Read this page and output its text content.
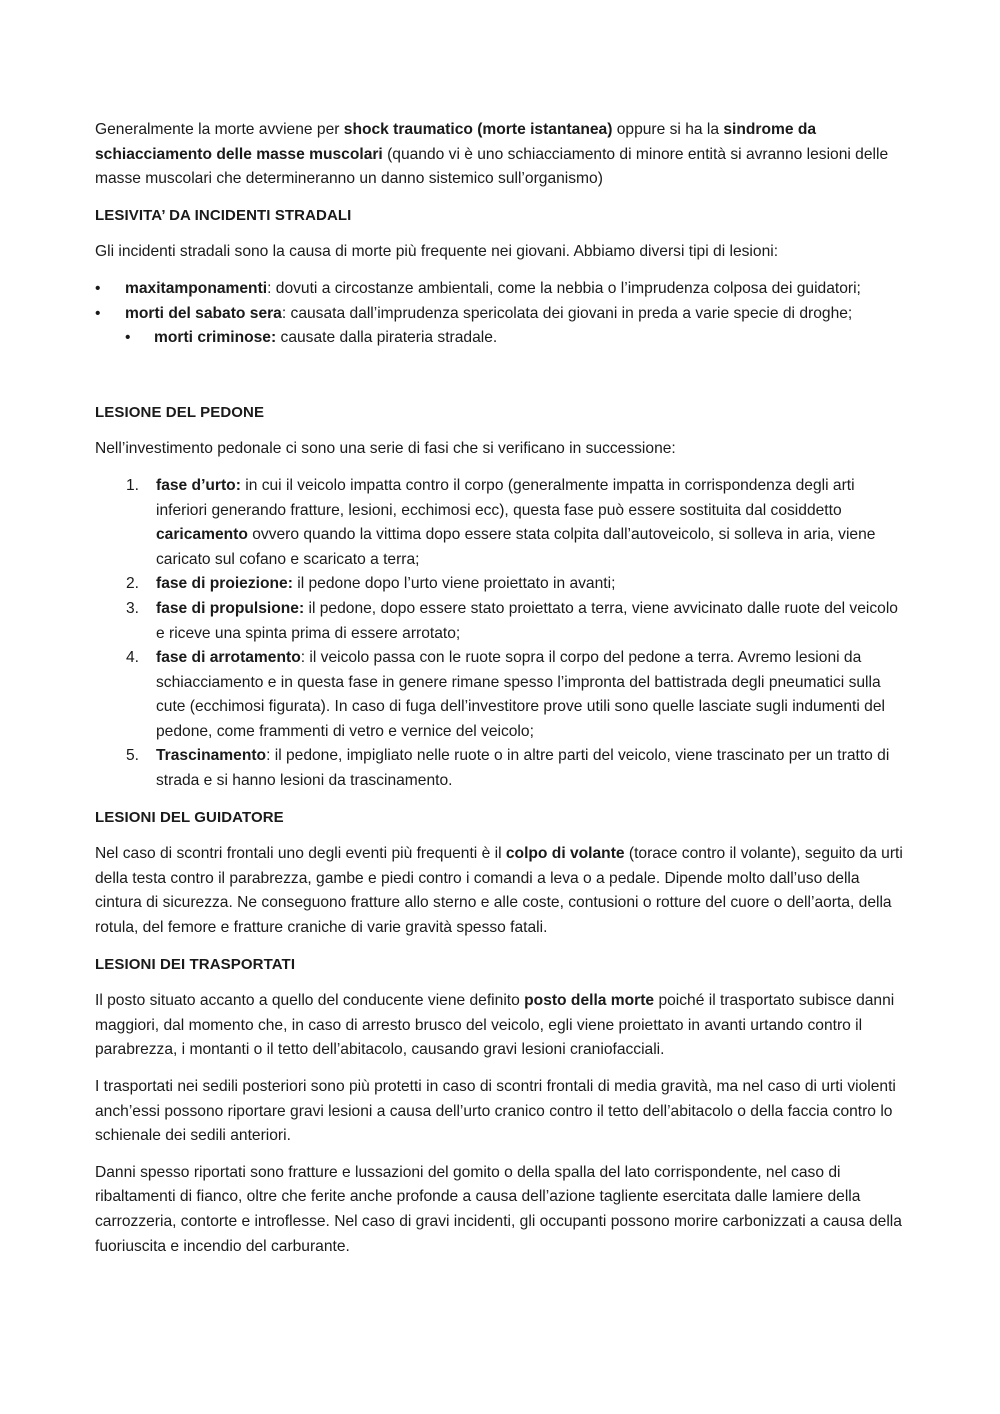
Generalmente la morte avviene per shock traumatico (morte istantanea) oppure si ha la sindrome da schiacciamento delle masse muscolari (quando vi è uno schiacciamento di minore entità si avranno lesioni delle masse muscolari che determineranno un danno sistemico sull’organismo)

LESIVITA’ DA INCIDENTI STRADALI

Gli incidenti stradali sono la causa di morte più frequente nei giovani. Abbiamo diversi tipi di lesioni:

• maxitamponamenti: dovuti a circostanze ambientali, come la nebbia o l’imprudenza colposa dei guidatori;
• morti del sabato sera: causata dall’imprudenza spericolata dei giovani in preda a varie specie di droghe;
• morti criminose: causate dalla pirateria stradale.

LESIONE DEL PEDONE

Nell’investimento pedonale ci sono una serie di fasi che si verificano in successione:

1. fase d’urto: in cui il veicolo impatta contro il corpo (generalmente impatta in corrispondenza degli arti inferiori generando fratture, lesioni, ecchimosi ecc), questa fase può essere sostituita dal cosiddetto caricamento ovvero quando la vittima dopo essere stata colpita dall’autoveicolo, si solleva in aria, viene caricato sul cofano e scaricato a terra;
2. fase di proiezione: il pedone dopo l’urto viene proiettato in avanti;
3. fase di propulsione: il pedone, dopo essere stato proiettato a terra, viene avvicinato dalle ruote del veicolo e riceve una spinta prima di essere arrotato;
4. fase di arrotamento: il veicolo passa con le ruote sopra il corpo del pedone a terra. Avremo lesioni da schiacciamento e in questa fase in genere rimane spesso l’impronta del battistrada degli pneumatici sulla cute (ecchimosi figurata). In caso di fuga dell’investitore prove utili sono quelle lasciate sugli indumenti del pedone, come frammenti di vetro e vernice del veicolo;
5. Trascinamento: il pedone, impigliato nelle ruote o in altre parti del veicolo, viene trascinato per un tratto di strada e si hanno lesioni da trascinamento.

LESIONI DEL GUIDATORE

Nel caso di scontri frontali uno degli eventi più frequenti è il colpo di volante (torace contro il volante), seguito da urti della testa contro il parabrezza, gambe e piedi contro i comandi a leva o a pedale. Dipende molto dall’uso della cintura di sicurezza. Ne conseguono fratture allo sterno e alle coste, contusioni o rotture del cuore o dell’aorta, della rotula, del femore e fratture craniche di varie gravità spesso fatali.

LESIONI DEI TRASPORTATI

Il posto situato accanto a quello del conducente viene definito posto della morte poiché il trasportato subisce danni maggiori, dal momento che, in caso di arresto brusco del veicolo, egli viene proiettato in avanti urtando contro il parabrezza, i montanti o il tetto dell’abitacolo, causando gravi lesioni craniofacciali.

I trasportati nei sedili posteriori sono più protetti in caso di scontri frontali di media gravità, ma nel caso di urti violenti anch’essi possono riportare gravi lesioni a causa dell’urto cranico contro il tetto dell’abitacolo o della faccia contro lo schienale dei sedili anteriori.

Danni spesso riportati sono fratture e lussazioni del gomito o della spalla del lato corrispondente, nel caso di ribaltamenti di fianco, oltre che ferite anche profonde a causa dell’azione tagliente esercitata dalle lamiere della carrozzeria, contorte e introflesse. Nel caso di gravi incidenti, gli occupanti possono morire carbonizzati a causa della fuoriuscita e incendio del carburante.
